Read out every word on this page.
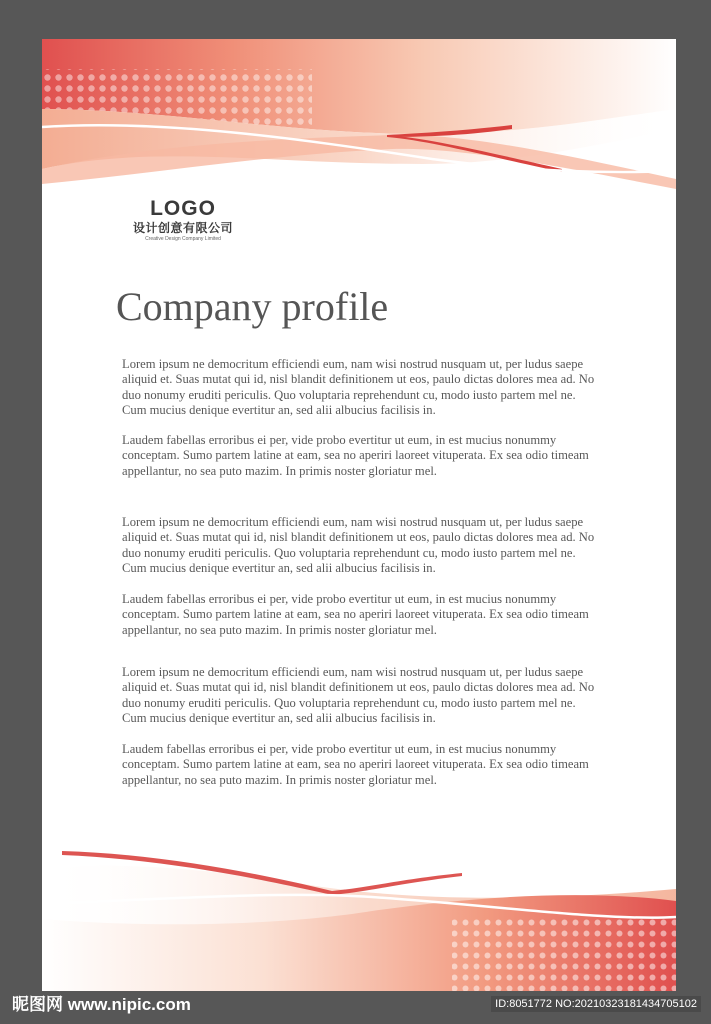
LOGO
设计创意有限公司
Creative Design Company Limited
Company profile

Lorem ipsum ne democritum efficiendi eum, nam wisi nostrud nusquam ut, per ludus saepe aliquid et. Suas mutat qui id, nisl blandit definitionem ut eos, paulo dictas dolores mea ad. No duo nonumy eruditi periculis. Quo voluptaria reprehendunt cu, modo iusto partem mel ne. Cum mucius denique evertitur an, sed alii albucius facilisis in.

Laudem fabellas erroribus ei per, vide probo evertitur ut eum, in est mucius nonummy conceptam. Sumo partem latine at eam, sea no aperiri laoreet vituperata. Ex sea odio timeam appellantur, no sea puto mazim. In primis noster gloriatur mel.

Lorem ipsum ne democritum efficiendi eum, nam wisi nostrud nusquam ut, per ludus saepe aliquid et. Suas mutat qui id, nisl blandit definitionem ut eos, paulo dictas dolores mea ad. No duo nonumy eruditi periculis. Quo voluptaria reprehendunt cu, modo iusto partem mel ne. Cum mucius denique evertitur an, sed alii albucius facilisis in.

Laudem fabellas erroribus ei per, vide probo evertitur ut eum, in est mucius nonummy conceptam. Sumo partem latine at eam, sea no aperiri laoreet vituperata. Ex sea odio timeam appellantur, no sea puto mazim. In primis noster gloriatur mel.

Lorem ipsum ne democritum efficiendi eum, nam wisi nostrud nusquam ut, per ludus saepe aliquid et. Suas mutat qui id, nisl blandit definitionem ut eos, paulo dictas dolores mea ad. No duo nonumy eruditi periculis. Quo voluptaria reprehendunt cu, modo iusto partem mel ne. Cum mucius denique evertitur an, sed alii albucius facilisis in.

Laudem fabellas erroribus ei per, vide probo evertitur ut eum, in est mucius nonummy conceptam. Sumo partem latine at eam, sea no aperiri laoreet vituperata. Ex sea odio timeam appellantur, no sea puto mazim. In primis noster gloriatur mel.

昵图网 www.nipic.com	ID:8051772 NO:20210323181434705102
